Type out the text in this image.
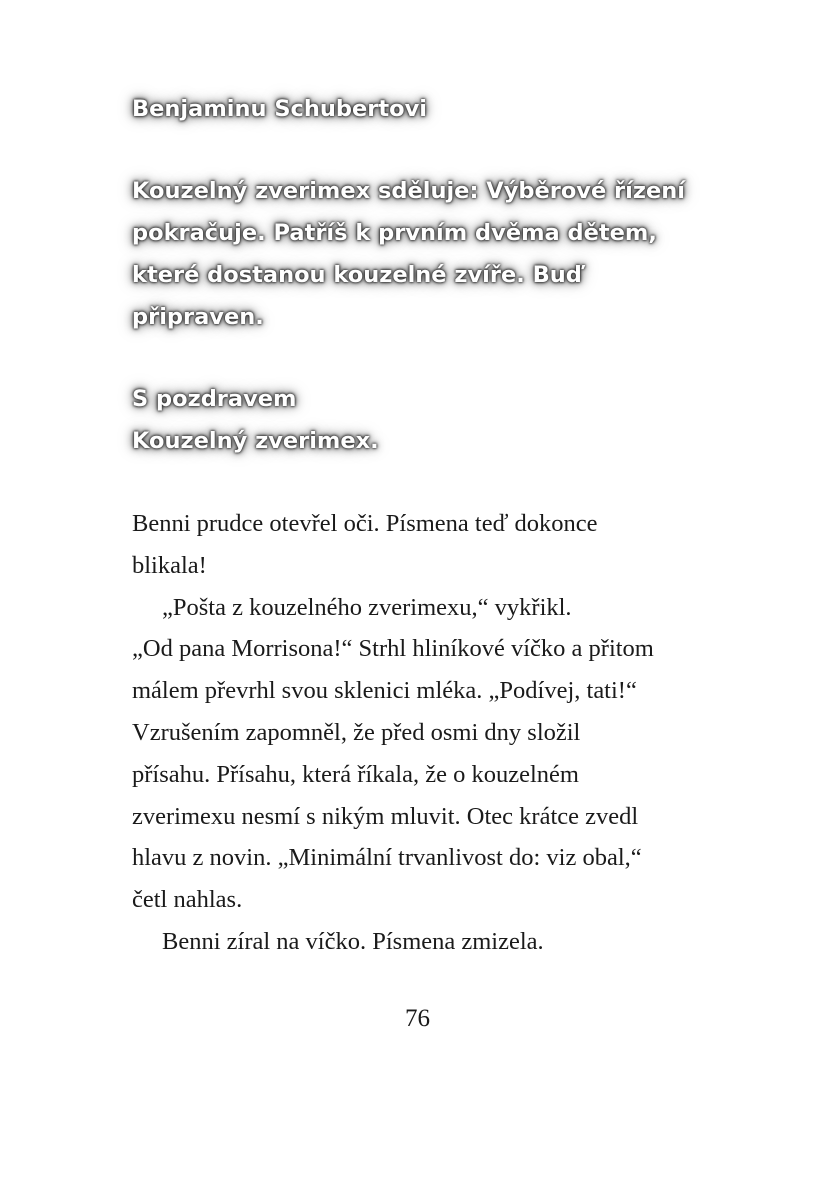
Benjaminu Schubertovi
Kouzelný zverimex sděluje: Výběrové řízení
pokračuje. Patříš k prvním dvěma dětem,
které dostanou kouzelné zvíře. Buď
připraven.
S pozdravem
Kouzelný zverimex.

Benni prudce otevřel oči. Písmena teď dokonce
blikala!

„Pošta z kouzelného zverimexu,“ vykřikl.
„Od pana Morrisona!“ Strhl hliníkové víčko a přitom
málem převrhl svou sklenici mléka. „Podívej, tati!“
Vzrušením zapomněl, že před osmi dny složil
přísahu. Přísahu, která říkala, že o kouzelném
zverimexu nesmí s nikým mluvit. Otec krátce zvedl
hlavu z novin. „Minimální trvanlivost do: viz obal,“
četl nahlas.

Benni zíral na víčko. Písmena zmizela.

76
